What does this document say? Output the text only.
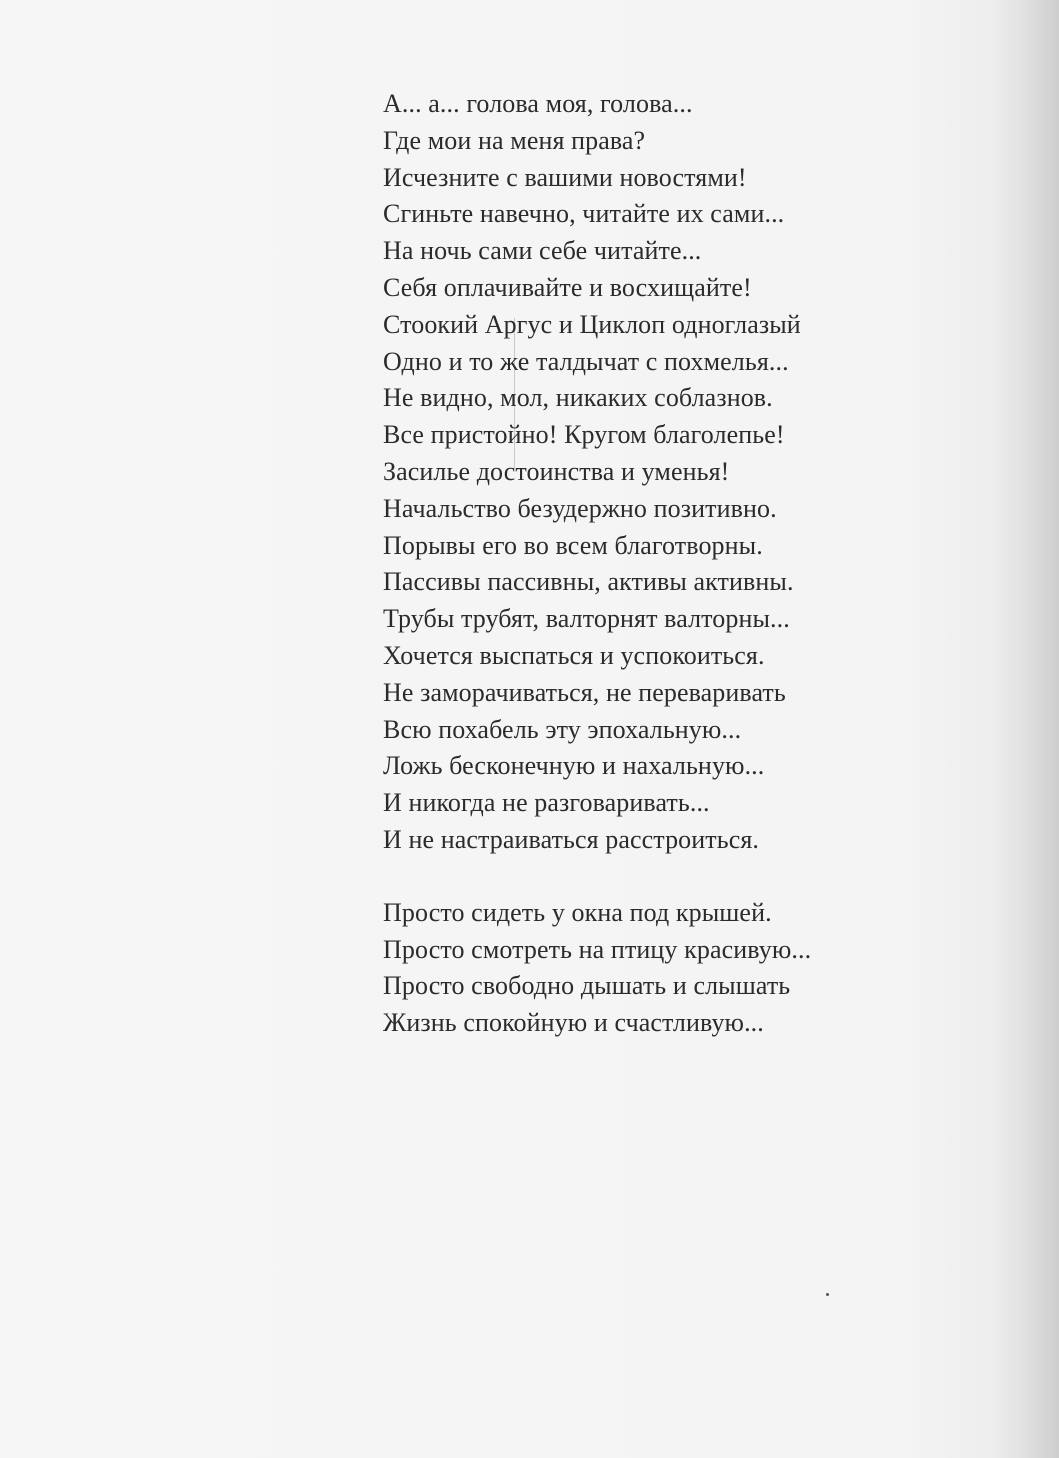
А... а... голова моя, голова...
Где мои на меня права?
Исчезните с вашими новостями!
Сгиньте навечно, читайте их сами...
На ночь сами себе читайте...
Себя оплачивайте и восхищайте!
Стоокий Аргус и Циклоп одноглазый
Одно и то же талдычат с похмелья...
Не видно, мол, никаких соблазнов.
Все пристойно! Кругом благолепье!
Засилье достоинства и уменья!
Начальство безудержно позитивно.
Порывы его во всем благотворны.
Пассивы пассивны, активы активны.
Трубы трубят, валторнят валторны...
Хочется выспаться и успокоиться.
Не заморачиваться, не переваривать
Всю похабель эту эпохальную...
Ложь бесконечную и нахальную...
И никогда не разговаривать...
И не настраиваться расстроиться.
Просто сидеть у окна под крышей.
Просто смотреть на птицу красивую...
Просто свободно дышать и слышать
Жизнь спокойную и счастливую...
